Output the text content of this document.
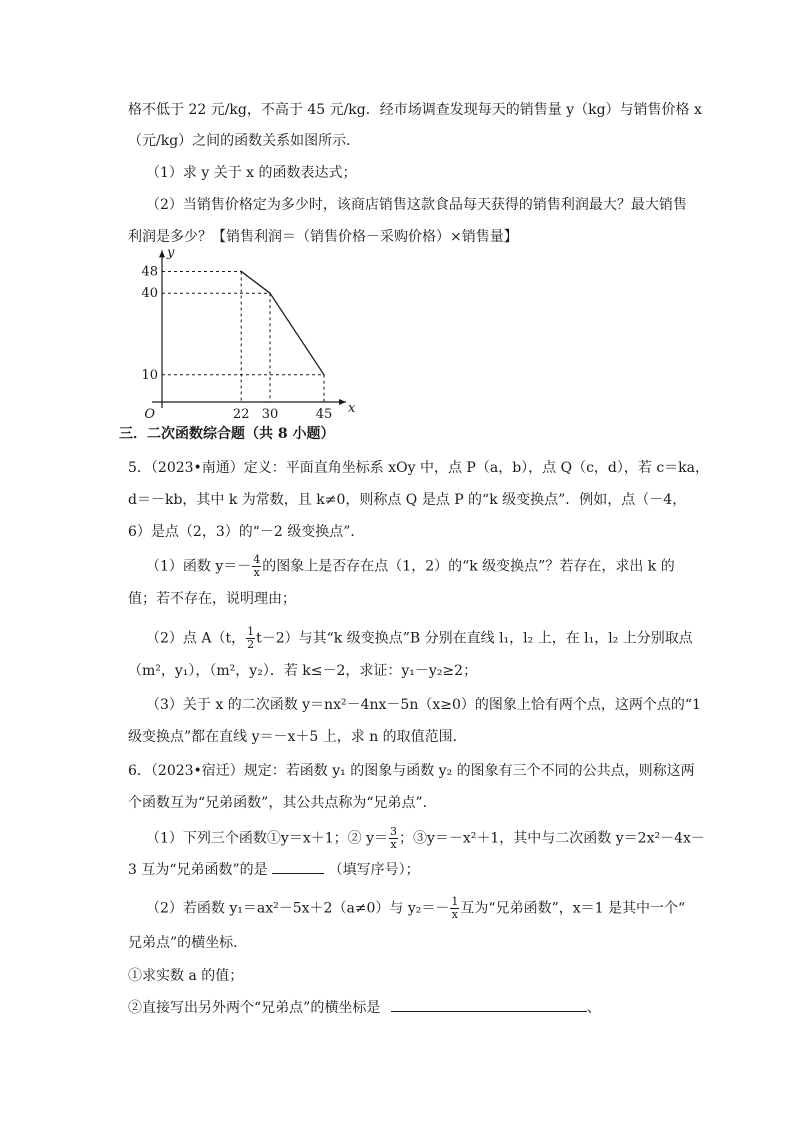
格不低于 22 元/kg，不高于 45 元/kg．经市场调查发现每天的销售量 y（kg）与销售价格 x
（元/kg）之间的函数关系如图所示．
（1）求 y 关于 x 的函数表达式；
（2）当销售价格定为多少时，该商店销售这款食品每天获得的销售利润最大？最大销售
利润是多少？【销售利润＝（销售价格－采购价格）×销售量】
22 30	45
48
40
10
O	x
y
三．二次函数综合题（共 8 小题）
5．（2023•南通）定义：平面直角坐标系 xOy 中，点 P（a，b），点 Q（c，d），若 c＝ka，
d＝－kb，其中 k 为常数，且 k≠0，则称点 Q 是点 P 的“k 级变换点”．例如，点（－4，
6）是点（2，3）的“－2 级变换点”．
（1）函数 $y=- \frac{4}{x}$ 的图象上是否存在点（1，2）的“k 级变换点”？若存在，求出 k 的
值；若不存在，说明理由；
（2）点 A（t， $\frac{1}{2} t-2$）与其“k 级变换点”B 分别在直线 l₁，l₂ 上，在 l₁，l₂ 上分别取点
（m²，y₁），（m²，y₂）．若 k≤－2，求证：y₁－y₂≥2；
（3）关于 x 的二次函数 y＝nx²－4nx－5n（x≥0）的图象上恰有两个点，这两个点的“1
级变换点”都在直线 y＝－x＋5 上，求 n 的取值范围．
6．（2023•宿迁）规定：若函数 y₁ 的图象与函数 y₂ 的图象有三个不同的公共点，则称这两
个函数互为“兄弟函数”，其公共点称为“兄弟点”．
（1）下列三个函数①y＝x＋1；② $y= \frac{3}{x}$ ；③y＝－x²＋1，其中与二次函数 y＝2x²－4x－
3 互为“兄弟函数”的是	（填写序号）；
（2）若函数 y₁＝ax²－5x＋2（a≠0）与 $y_2=- \frac{1}{x}$ 互为“兄弟函数”，x＝1 是其中一个“
兄弟点”的横坐标．
①求实数 a 的值；
②直接写出另外两个“兄弟点”的横坐标是	、
